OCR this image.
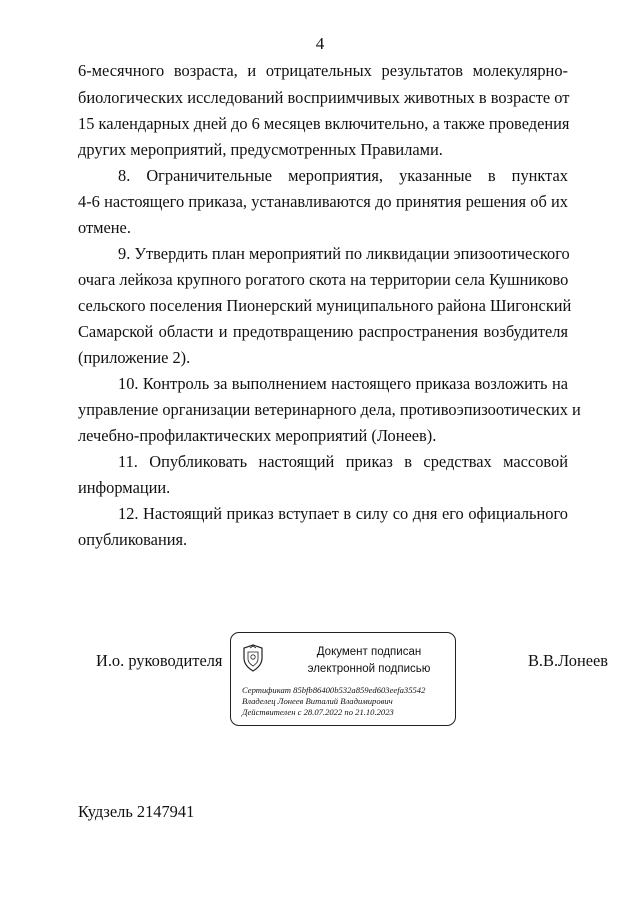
4
6-месячного возраста, и отрицательных результатов молекулярно-
биологических исследований восприимчивых животных в возрасте от
15 календарных дней до 6 месяцев включительно, а также проведения
других мероприятий, предусмотренных Правилами.
8. Ограничительные мероприятия, указанные в пунктах
4-6 настоящего приказа, устанавливаются до принятия решения об их
отмене.
9. Утвердить план мероприятий по ликвидации эпизоотического
очага лейкоза крупного рогатого скота на территории села Кушниково
сельского поселения Пионерский муниципального района Шигонский
Самарской области и предотвращению распространения возбудителя
(приложение 2).
10. Контроль за выполнением настоящего приказа возложить на
управление организации ветеринарного дела, противоэпизоотических и
лечебно-профилактических мероприятий (Лонеев).
11. Опубликовать настоящий приказ в средствах массовой
информации.
12. Настоящий приказ вступает в силу со дня его официального
опубликования.
И.о. руководителя	Документ подписан
электронной подписью
Сертификат 85bfb86400b532a859ed603eefa35542
Владелец Лонеев Виталий Владимирович
Действителен с 28.07.2022 по 21.10.2023
В.В.Лонеев
Кудзель 2147941
